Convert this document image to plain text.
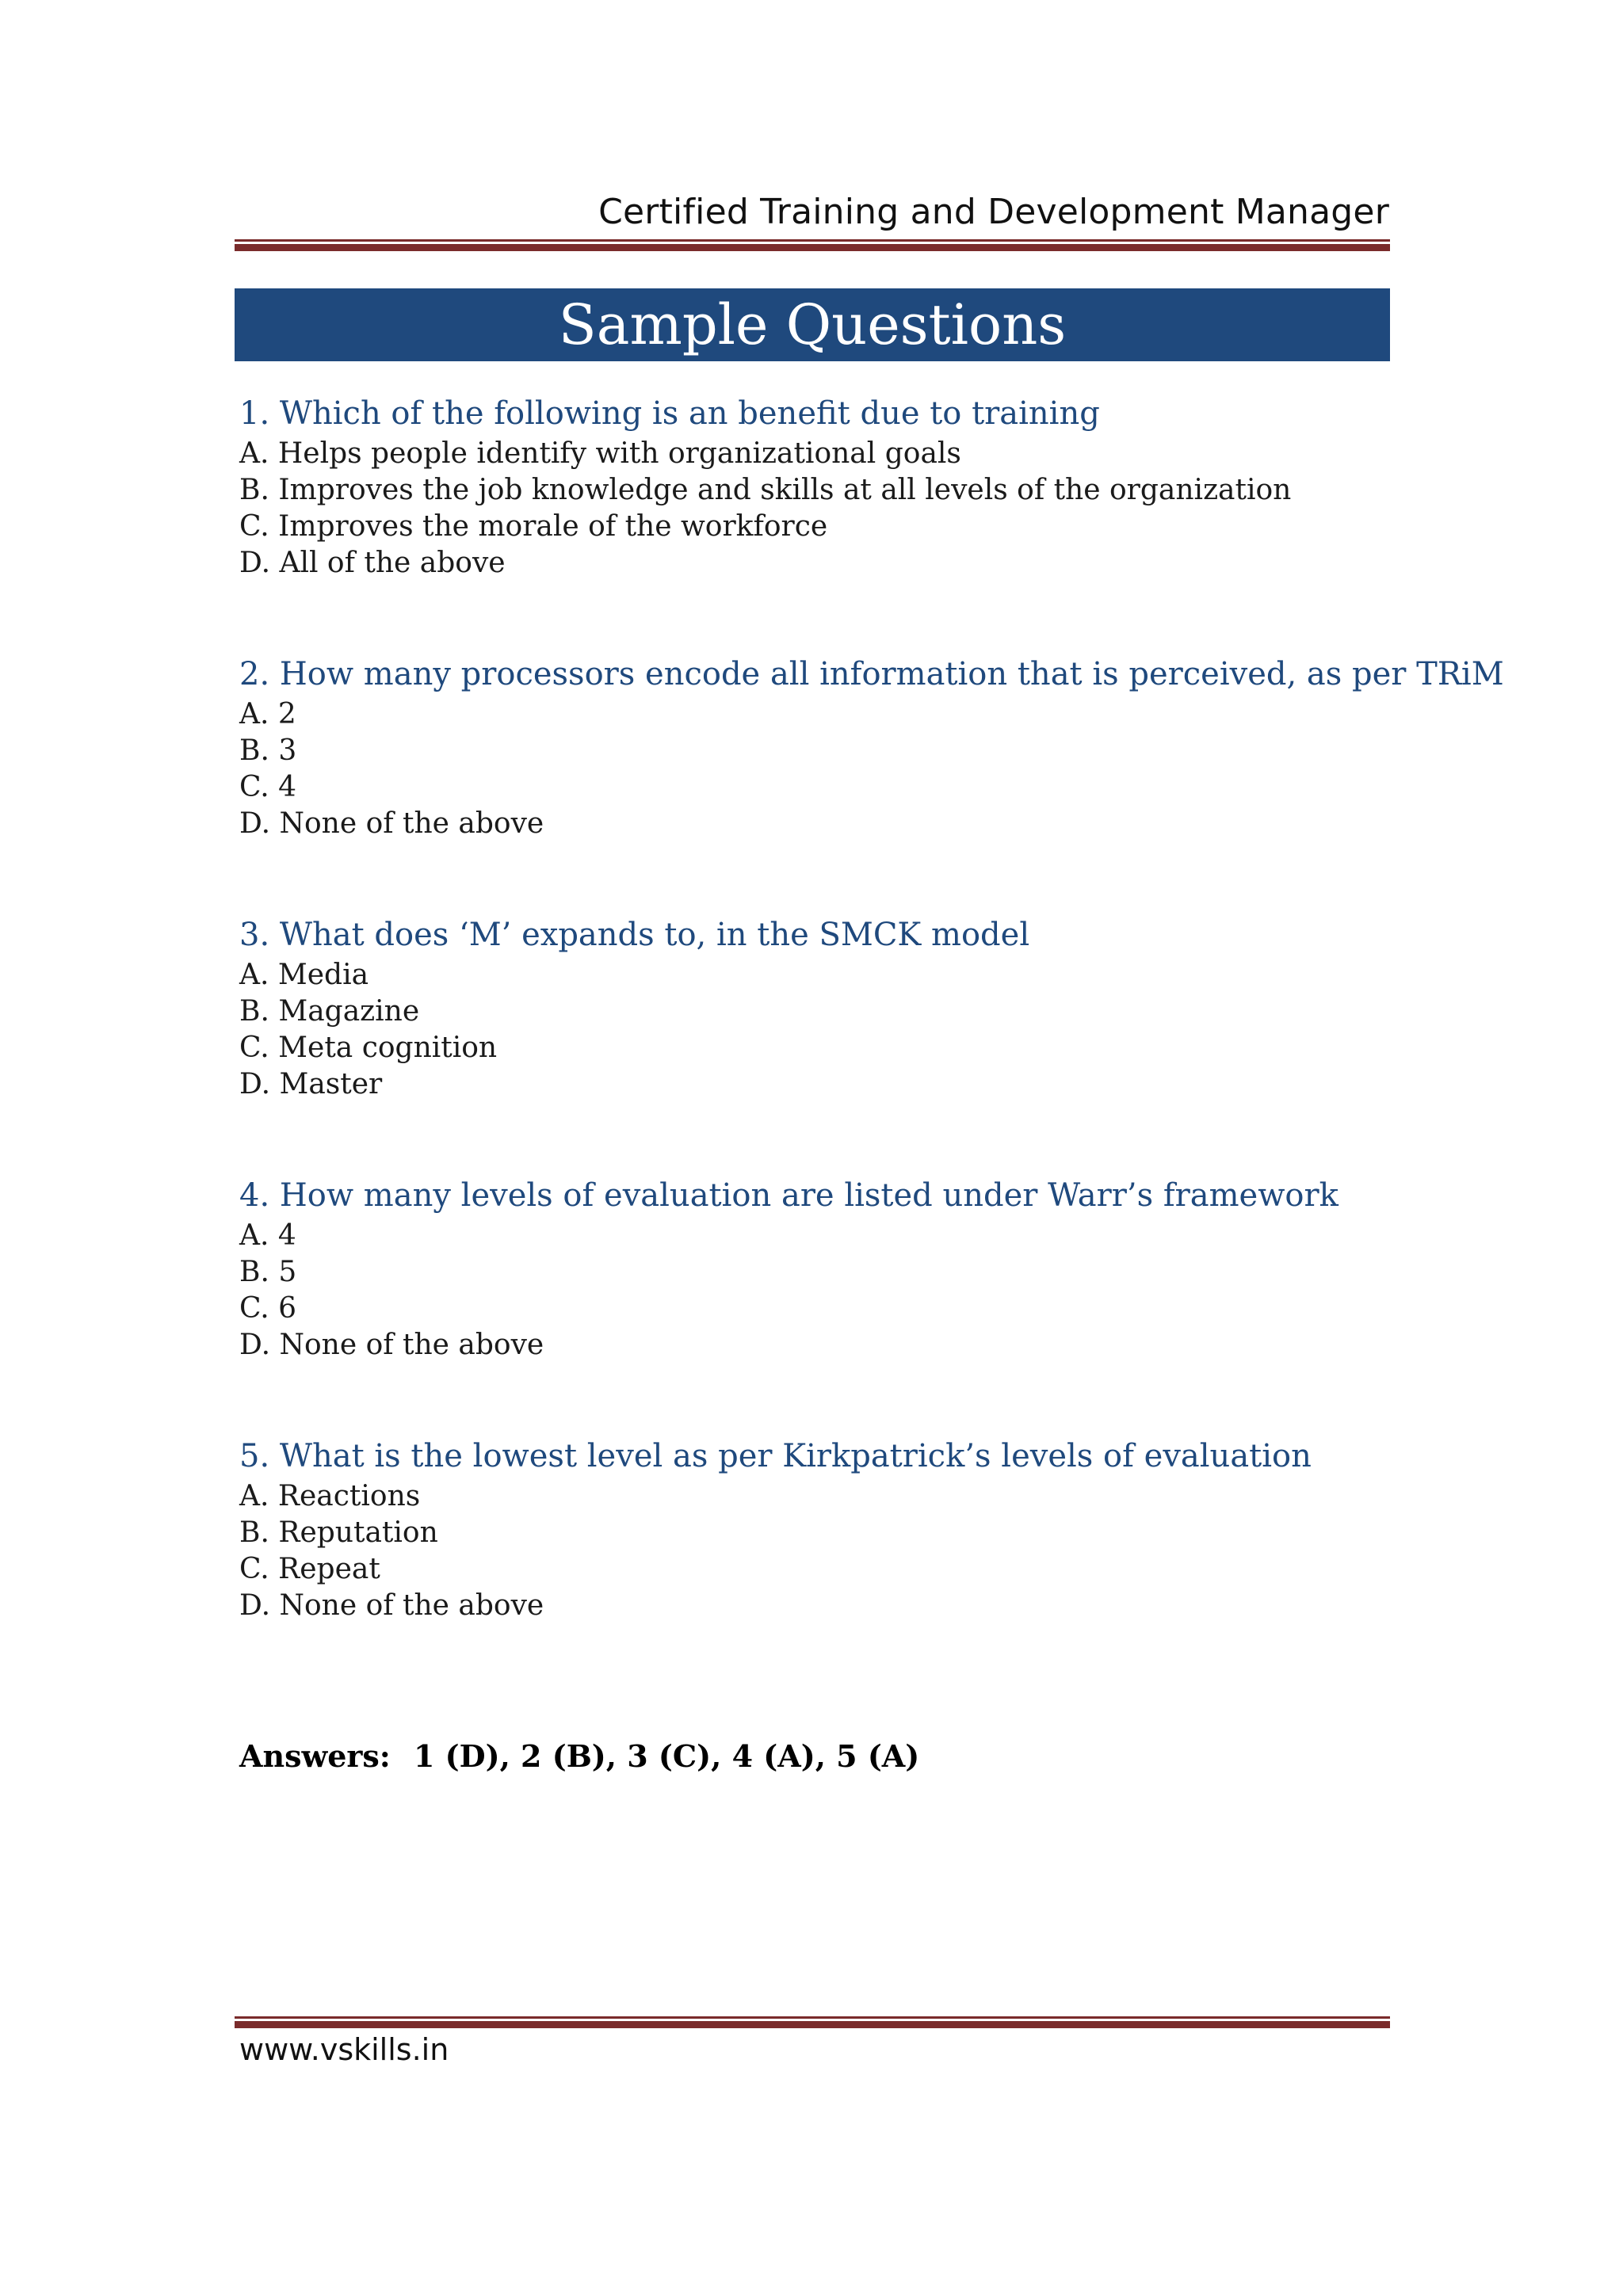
Certified Training and Development Manager
Sample Questions
1. Which of the following is an benefit due to training
A. Helps people identify with organizational goals
B. Improves the job knowledge and skills at all levels of the organization
C. Improves the morale of the workforce
D. All of the above
2. How many processors encode all information that is perceived, as per TRiM
A. 2
B. 3
C. 4
D. None of the above
3. What does ‘M’ expands to, in the SMCK model
A. Media
B. Magazine
C. Meta cognition
D. Master
4. How many levels of evaluation are listed under Warr’s framework
A. 4
B. 5
C. 6
D. None of the above
5. What is the lowest level as per Kirkpatrick’s levels of evaluation
A. Reactions
B. Reputation
C. Repeat
D. None of the above
Answers: 1 (D), 2 (B), 3 (C), 4 (A), 5 (A)
www.vskills.in
